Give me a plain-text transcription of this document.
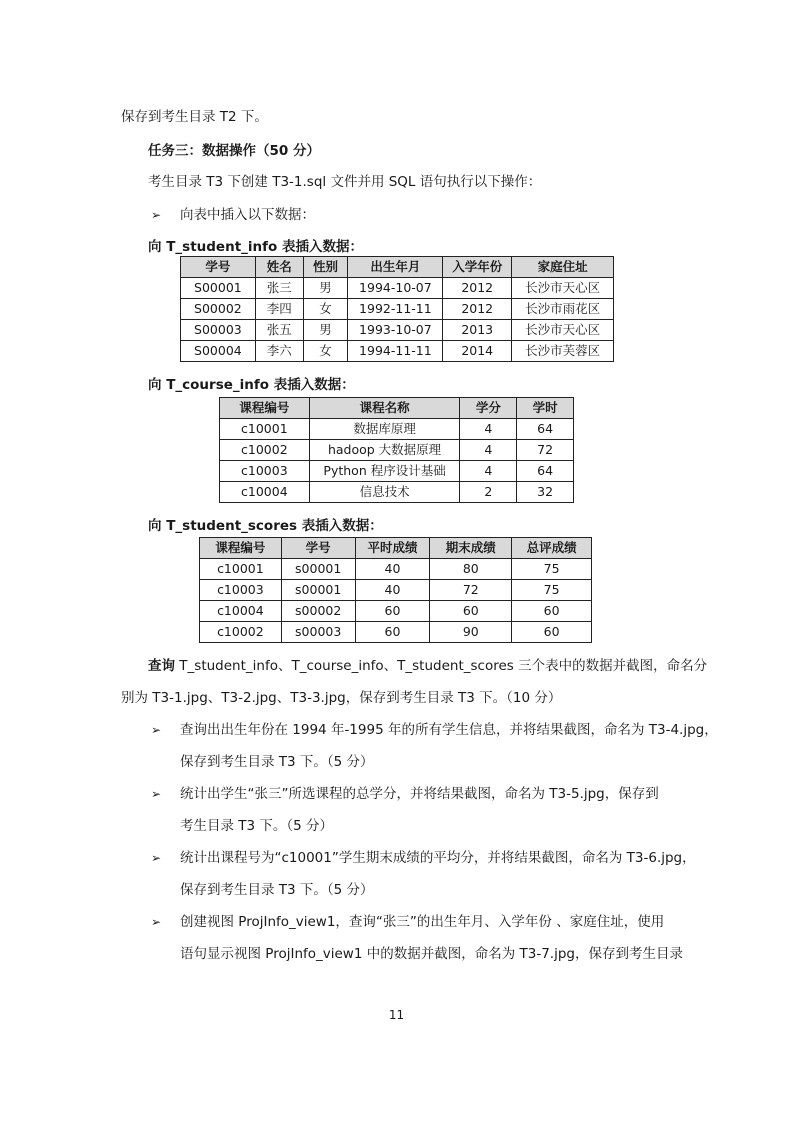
保存到考生目录 T2 下。
任务三：数据操作（50 分）
考生目录 T3 下创建 T3-1.sql 文件并用 SQL 语句执行以下操作：
➢ 向表中插入以下数据：
向 T_student_info 表插入数据：
学号	姓名	性别	出生年月	入学年份	家庭住址
S00001	张三	男	1994-10-07	2012	长沙市天心区
S00002	李四	女	1992-11-11	2012	长沙市雨花区
S00003	张五	男	1993-10-07	2013	长沙市天心区
S00004	李六	女	1994-11-11	2014	长沙市芙蓉区
向 T_course_info 表插入数据：
课程编号	课程名称	学分	学时
c10001	数据库原理	4	64
c10002	hadoop 大数据原理	4	72
c10003	Python 程序设计基础	4	64
c10004	信息技术	2	32
向 T_student_scores 表插入数据：
课程编号	学号	平时成绩	期末成绩	总评成绩
c10001	s00001	40	80	75
c10003	s00001	40	72	75
c10004	s00002	60	60	60
c10002	s00003	60	90	60
查询 T_student_info、T_course_info、T_student_scores 三个表中的数据并截图，命名分
别为 T3-1.jpg、T3-2.jpg、T3-3.jpg，保存到考生目录 T3 下。（10 分）
➢ 查询出出生年份在 1994 年-1995 年的所有学生信息，并将结果截图，命名为 T3-4.jpg，
保存到考生目录 T3 下。（5 分）
➢ 统计出学生“张三”所选课程的总学分，并将结果截图，命名为 T3-5.jpg，保存到
考生目录 T3 下。（5 分）
➢ 统计出课程号为“c10001”学生期末成绩的平均分，并将结果截图，命名为 T3-6.jpg，
保存到考生目录 T3 下。（5 分）
➢ 创建视图 ProjInfo_view1，查询“张三”的出生年月、入学年份 、家庭住址，使用
语句显示视图 ProjInfo_view1 中的数据并截图，命名为 T3-7.jpg，保存到考生目录
11
